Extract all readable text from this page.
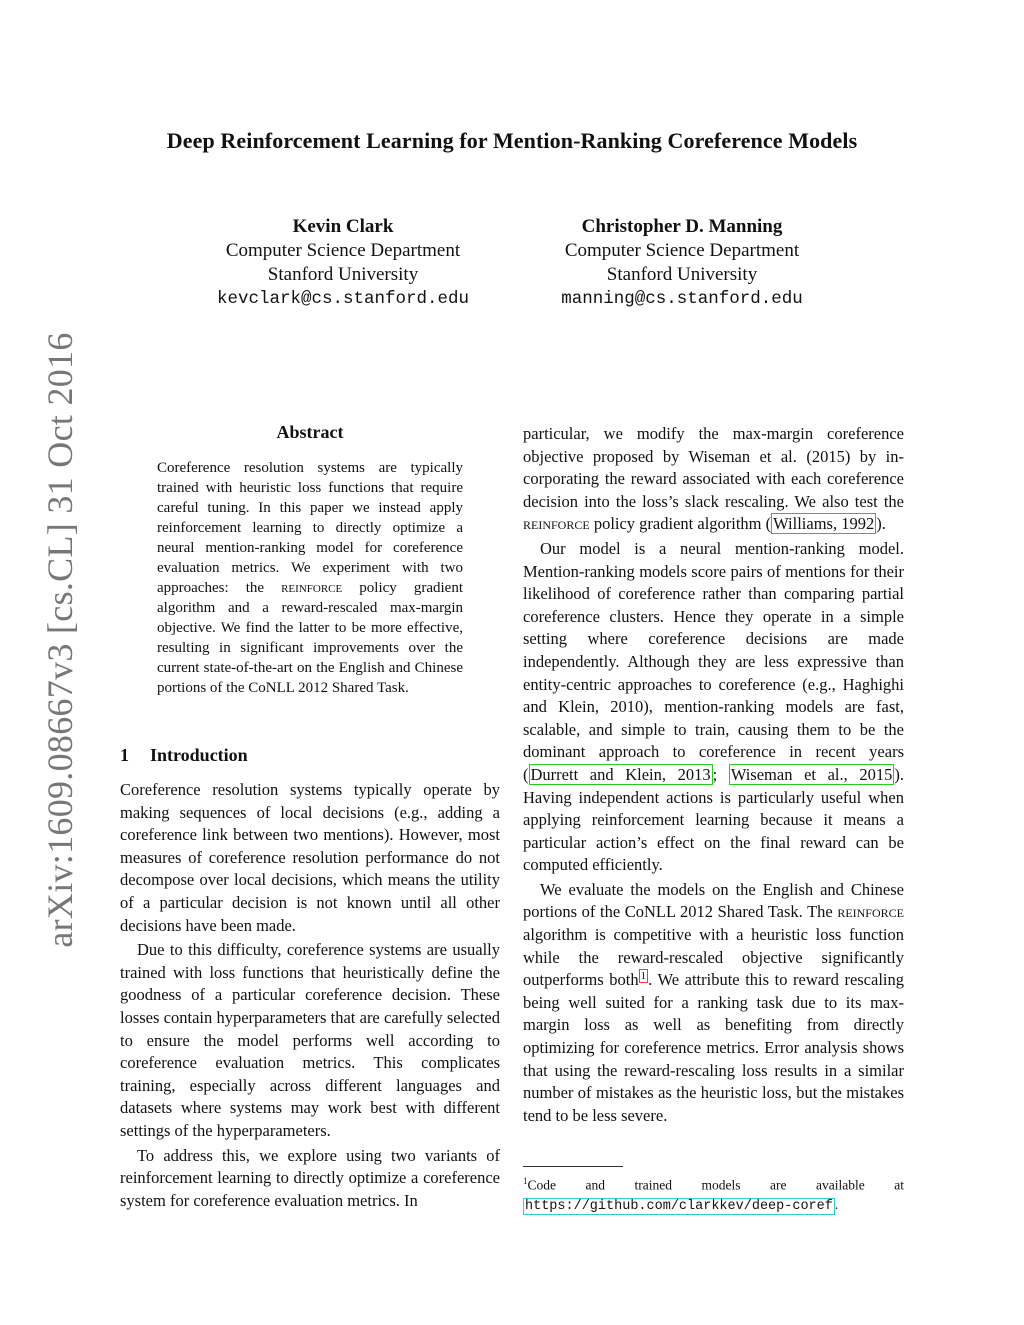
Deep Reinforcement Learning for Mention-Ranking Coreference Models
Kevin Clark
Computer Science Department
Stanford University
kevclark@cs.stanford.edu
Christopher D. Manning
Computer Science Department
Stanford University
manning@cs.stanford.edu
arXiv:1609.08667v3 [cs.CL] 31 Oct 2016	Abstract
Coreference resolution systems are typically trained with heuristic loss functions that require careful tuning. In this paper we instead apply reinforcement learning to directly optimize a neural mention-ranking model for coreference evaluation metrics. We experiment with two approaches: the reinforce policy gradient algorithm and a reward-rescaled max-margin objective. We find the latter to be more effective, resulting in significant improvements over the current state-of-the-art on the English and Chinese portions of the CoNLL 2012 Shared Task.
1 Introduction

Coreference resolution systems typically operate by making sequences of local decisions (e.g., adding a coreference link between two mentions). However, most measures of coreference resolution performance do not decompose over local decisions, which means the utility of a particular decision is not known until all other decisions have been made.

Due to this difficulty, coreference systems are usually trained with loss functions that heuristically define the goodness of a particular coreference decision. These losses contain hyperparameters that are carefully selected to ensure the model performs well according to coreference evaluation metrics. This complicates training, especially across different languages and datasets where systems may work best with different settings of the hyperparameters.

To address this, we explore using two variants of reinforcement learning to directly optimize a coreference system for coreference evaluation metrics. In

particular, we modify the max-margin coreference objective proposed by Wiseman et al. (2015) by incorporating the reward associated with each coreference decision into the loss’s slack rescaling. We also test the reinforce policy gradient algorithm ( Williams, 1992 ).

Our model is a neural mention-ranking model. Mention-ranking models score pairs of mentions for their likelihood of coreference rather than comparing partial coreference clusters. Hence they operate in a simple setting where coreference decisions are made independently. Although they are less expressive than entity-centric approaches to coreference (e.g., Haghighi and Klein, 2010), mention-ranking models are fast, scalable, and simple to train, causing them to be the dominant approach to coreference in recent years ( Durrett and Klein, 2013 ; Wiseman et al., 2015 ). Having independent actions is particularly useful when applying reinforcement learning because it means a particular action’s effect on the final reward can be computed efficiently.

We evaluate the models on the English and Chinese portions of the CoNLL 2012 Shared Task. The reinforce algorithm is competitive with a heuristic loss function while the reward-rescaled objective significantly outperforms both $^1$ . We attribute this to reward rescaling being well suited for a ranking task due to its max-margin loss as well as benefiting from directly optimizing for coreference metrics. Error analysis shows that using the reward-rescaling loss results in a similar number of mistakes as the heuristic loss, but the mistakes tend to be less severe.

$^1$Code and trained models are available at https://github.com/clarkkev/deep-coref .
